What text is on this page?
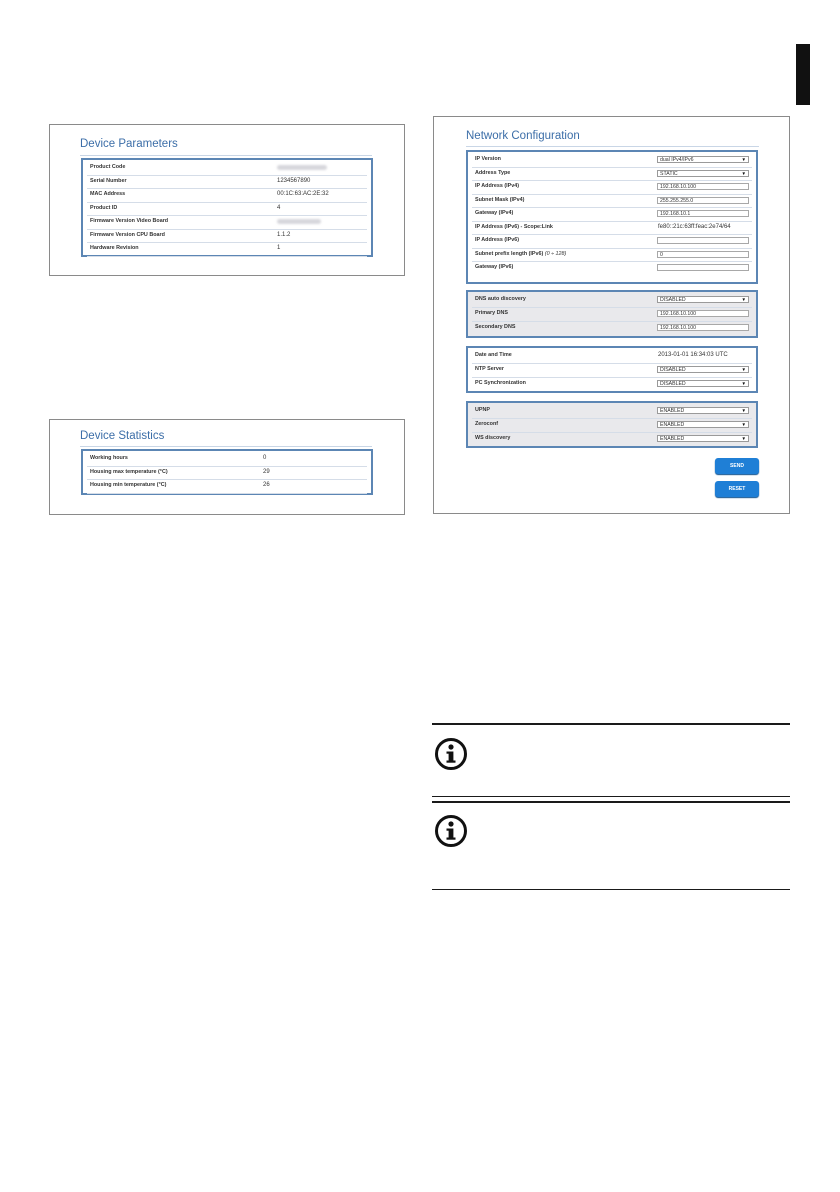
Device Parameters
Product Code
Serial Number	1234567890
MAC Address	00:1C:63:AC:2E:32
Product ID	4
Firmware Version Video Board
Firmware Version CPU Board	1.1.2
Hardware Revision	1
Device Statistics
Working hours	0
Housing max temperature (°C)	29
Housing min temperature (°C)	26
Network Configuration
IP Version	dual IPv4/IPv6	▼
Address Type	STATIC	▼
IP Address (IPv4)	192.168.10.100
Subnet Mask (IPv4)	255.255.255.0
Gateway (IPv4)	192.168.10.1
IP Address (IPv6) - Scope:Link	fe80::21c:63ff:feac:2e74/64
IP Address (IPv6)
Subnet prefix length (IPv6) (0 ÷ 128)	0
Gateway (IPv6)
DNS auto discovery	DISABLED	▼
Primary DNS	192.168.10.100
Secondary DNS	192.168.10.100
Date and Time	2013-01-01 16:34:03 UTC
NTP Server	DISABLED	▼
PC Synchronization	DISABLED	▼
UPNP	ENABLED	▼
Zeroconf	ENABLED	▼
WS discovery	ENABLED	▼
SEND
RESET
